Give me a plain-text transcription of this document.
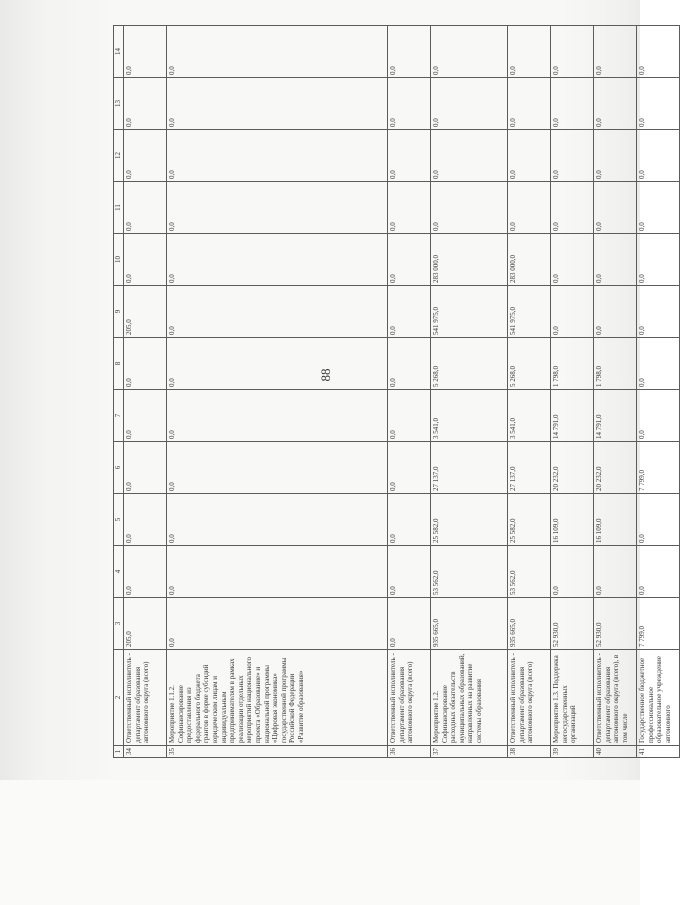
88
1	2	3	4	5	6	7	8	9	10	11	12	13	14
34	Ответственный исполнитель - департамент образования автономного округа (всего)	205,0	0,0	0,0	0,0	0,0	0,0	205,0	0,0	0,0	0,0	0,0	0,0
35	Мероприятие 1.1.2. Софинансирование предоставления из федерального бюджета грантов в форме субсидий юридическим лицам и индивидуальным предпринимателям в рамках реализации отдельных мероприятий национального проекта «Образование» и национальной программы «Цифровая экономика» государственной программы Российской Федерации «Развитие образования»	0,0	0,0	0,0	0,0	0,0	0,0	0,0	0,0	0,0	0,0	0,0	0,0
36	Ответственный исполнитель - департамент образования автономного округа (всего)	0,0	0,0	0,0	0,0	0,0	0,0	0,0	0,0	0,0	0,0	0,0	0,0
37	Мероприятие 1.2. Софинансирование расходных обязательств муниципальных образований, направленных на развитие системы образования	935 665,0	53 562,0	25 582,0	27 137,0	3 541,0	5 268,0	541 975,0	283 000,0	0,0	0,0	0,0	0,0
38	Ответственный исполнитель - департамент образования автономного округа (всего)	935 665,0	53 562,0	25 582,0	27 137,0	3 541,0	5 268,0	541 975,0	283 000,0	0,0	0,0	0,0	0,0
39	Мероприятие 1.3. Поддержка негосударственных организаций	52 930,0	0,0	16 109,0	20 232,0	14 791,0	1 798,0	0,0	0,0	0,0	0,0	0,0	0,0
40	Ответственный исполнитель - департамент образования автономного округа (всего), в том числе	52 930,0	0,0	16 109,0	20 232,0	14 791,0	1 798,0	0,0	0,0	0,0	0,0	0,0	0,0
41	Государственное бюджетное профессиональное образовательное учреждение автономного	7 799,0	0,0	0,0	7 799,0	0,0	0,0	0,0	0,0	0,0	0,0	0,0	0,0
